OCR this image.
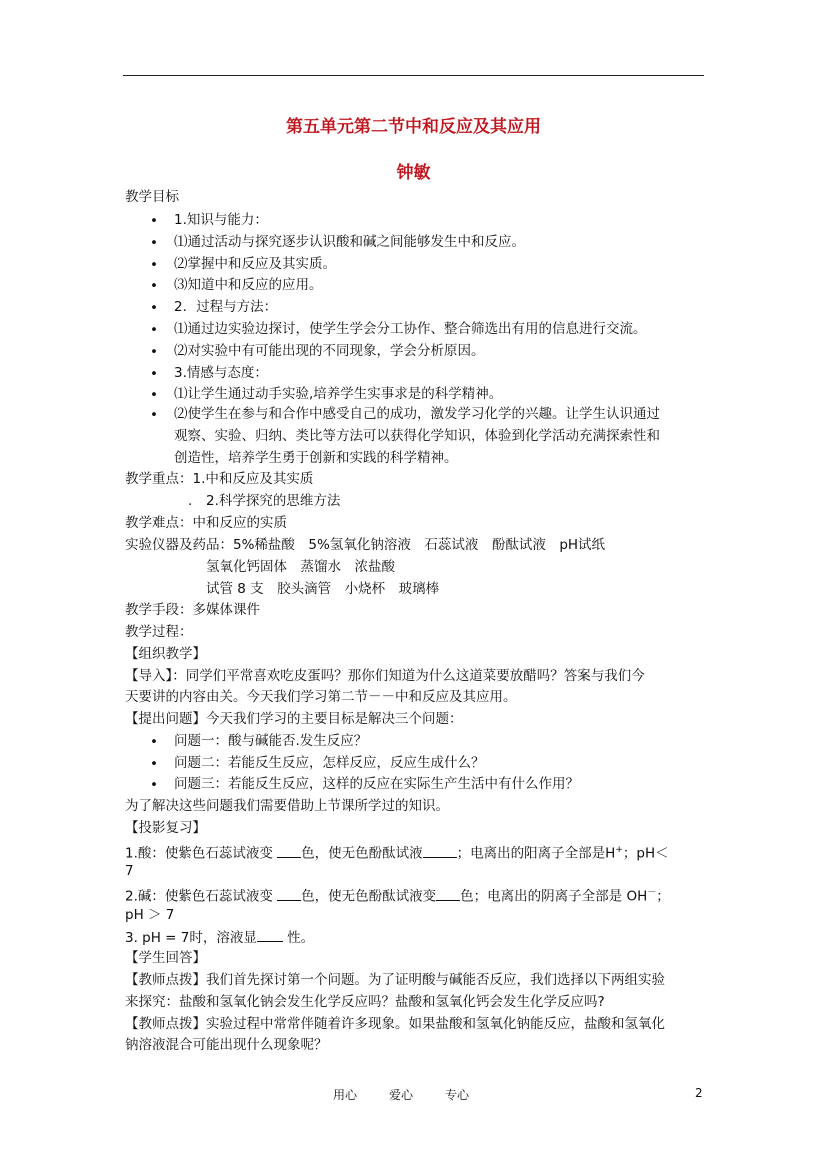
第五单元第二节中和反应及其应用
钟敏
教学目标
• 1.知识与能力：
• ⑴通过活动与探究逐步认识酸和碱之间能够发生中和反应。
• ⑵掌握中和反应及其实质。
• ⑶知道中和反应的应用。
• 2．过程与方法：
• ⑴通过边实验边探讨，使学生学会分工协作、整合筛选出有用的信息进行交流。
• ⑵对实验中有可能出现的不同现象，学会分析原因。
• 3.情感与态度：
• ⑴让学生通过动手实验,培养学生实事求是的科学精神。
• ⑵使学生在参与和合作中感受自己的成功，激发学习化学的兴趣。让学生认识通过
观察、实验、归纳、类比等方法可以获得化学知识，体验到化学活动充满探索性和
创造性，培养学生勇于创新和实践的科学精神。
教学重点：1.中和反应及其实质
. 2.科学探究的思维方法
教学难点：中和反应的实质
实验仪器及药品：5%稀盐酸　5%氢氧化钠溶液　石蕊试液　酚酞试液　pH试纸
氢氧化钙固体　蒸馏水　浓盐酸
试管 8 支　胶头滴管　小烧杯　玻璃棒
教学手段：多媒体课件
教学过程：
【组织教学】
【导入】：同学们平常喜欢吃皮蛋吗？那你们知道为什么这道菜要放醋吗？答案与我们今
天要讲的内容由关。今天我们学习第二节－－中和反应及其应用。
【提出问题】今天我们学习的主要目标是解决三个问题：
• 问题一：酸与碱能否.发生反应？
• 问题二：若能反生反应，怎样反应，反应生成什么？
• 问题三：若能反生反应，这样的反应在实际生产生活中有什么作用？
为了解决这些问题我们需要借助上节课所学过的知识。
【投影复习】
1.酸：使紫色石蕊试液变 色，使无色酚酞试液	；电离出的阳离子全部是H+；pH＜
7
2.碱：使紫色石蕊试液变 色，使无色酚酞试液变 色；电离出的阴离子全部是 OH－；
pH ＞ 7
3. pH = 7时，溶液显 性。
【学生回答】
【教师点拨】我们首先探讨第一个问题。为了证明酸与碱能否反应，我们选择以下两组实验
来探究：盐酸和氢氧化钠会发生化学反应吗？盐酸和氢氧化钙会发生化学反应吗?
【教师点拨】实验过程中常常伴随着许多现象。如果盐酸和氢氧化钠能反应，盐酸和氢氧化
钠溶液混合可能出现什么现象呢？
用心	爱心	专心	2
